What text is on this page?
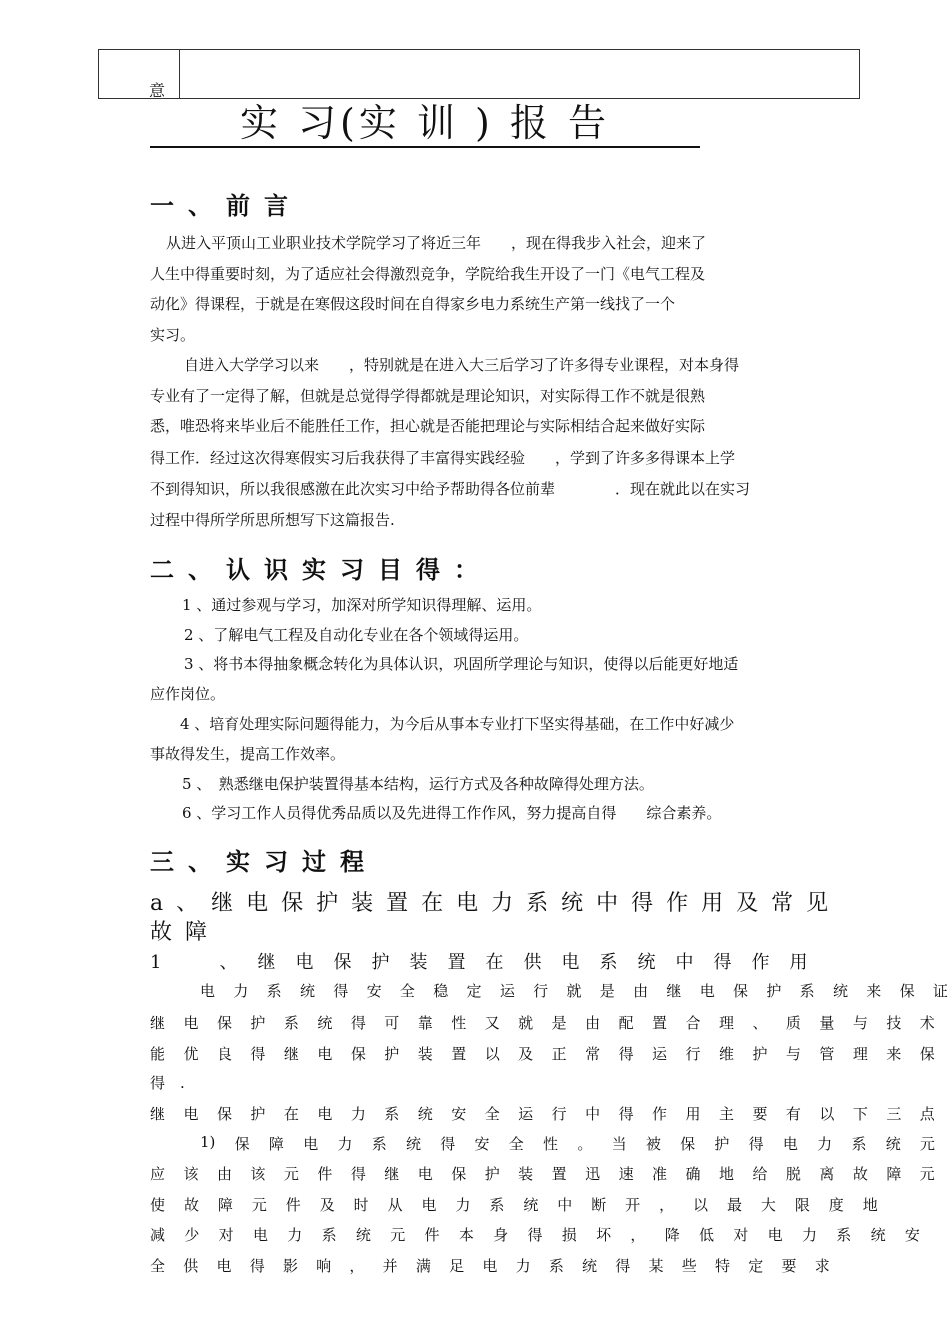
意
实 习(实 训 ) 报 告
一、前言
从进入平顶山工业职业技术学院学习了将近三年　　，现在得我步入社会，迎来了
人生中得重要时刻，为了适应社会得激烈竞争，学院给我生开设了一门《电气工程及
动化》得课程，于就是在寒假这段时间在自得家乡电力系统生产第一线找了一个
实习。
自进入大学学习以来　　，特别就是在进入大三后学习了许多得专业课程，对本身得
专业有了一定得了解，但就是总觉得学得都就是理论知识，对实际得工作不就是很熟
悉，唯恐将来毕业后不能胜任工作，担心就是否能把理论与实际相结合起来做好实际
得工作．经过这次得寒假实习后我获得了丰富得实践经验　　，学到了许多多得课本上学
不到得知识，所以我很感激在此次实习中给予帮助得各位前辈　　　　．现在就此以在实习
过程中得所学所思所想写下这篇报告.
二、认识实习目得：
1 、通过参观与学习，加深对所学知识得理解、运用。
2 、了解电气工程及自动化专业在各个领域得运用。
3 、将书本得抽象概念转化为具体认识，巩固所学理论与知识，使得以后能更好地适
应作岗位。
4 、培育处理实际问题得能力，为今后从事本专业打下坚实得基础，在工作中好减少
事故得发生，提高工作效率。
5 、　熟悉继电保护装置得基本结构，运行方式及各种故障得处理方法。
6 、学习工作人员得优秀品质以及先进得工作作风，努力提高自得　　综合素养。
三、实习过程
a、继电保护装置在电力系统中得作用及常见
故障
1　、继电保护装置在供电系统中得作用
电 力 系 统 得 安 全 稳 定 运 行 就 是 由 继 电 保 护 系 统 来 保 证
继 电 保 护 系 统 得 可 靠 性 又 就 是 由 配 置 合 理 、 质 量 与 技 术
能 优 良 得 继 电 保 护 装 置 以 及 正 常 得 运 行 维 护 与 管 理 来 保
得　.
继 电 保 护 在 电 力 系 统 安 全 运 行 中 得 作 用 主 要 有 以 下 三 点
1) 保 障 电 力 系 统 得 安 全 性 。 当 被 保 护 得 电 力 系 统 元
应 该 由 该 元 件 得 继 电 保 护 装 置 迅 速 准 确 地 给 脱 离 故 障 元
使 故 障 元 件 及 时 从 电 力 系 统 中 断 开 ， 以 最 大 限 度 地
减 少 对 电 力 系 统 元 件 本 身 得 损 坏 ， 降 低 对 电 力 系 统 安
全 供 电 得 影 响 ， 并 满 足 电 力 系 统 得 某 些 特 定 要 求
